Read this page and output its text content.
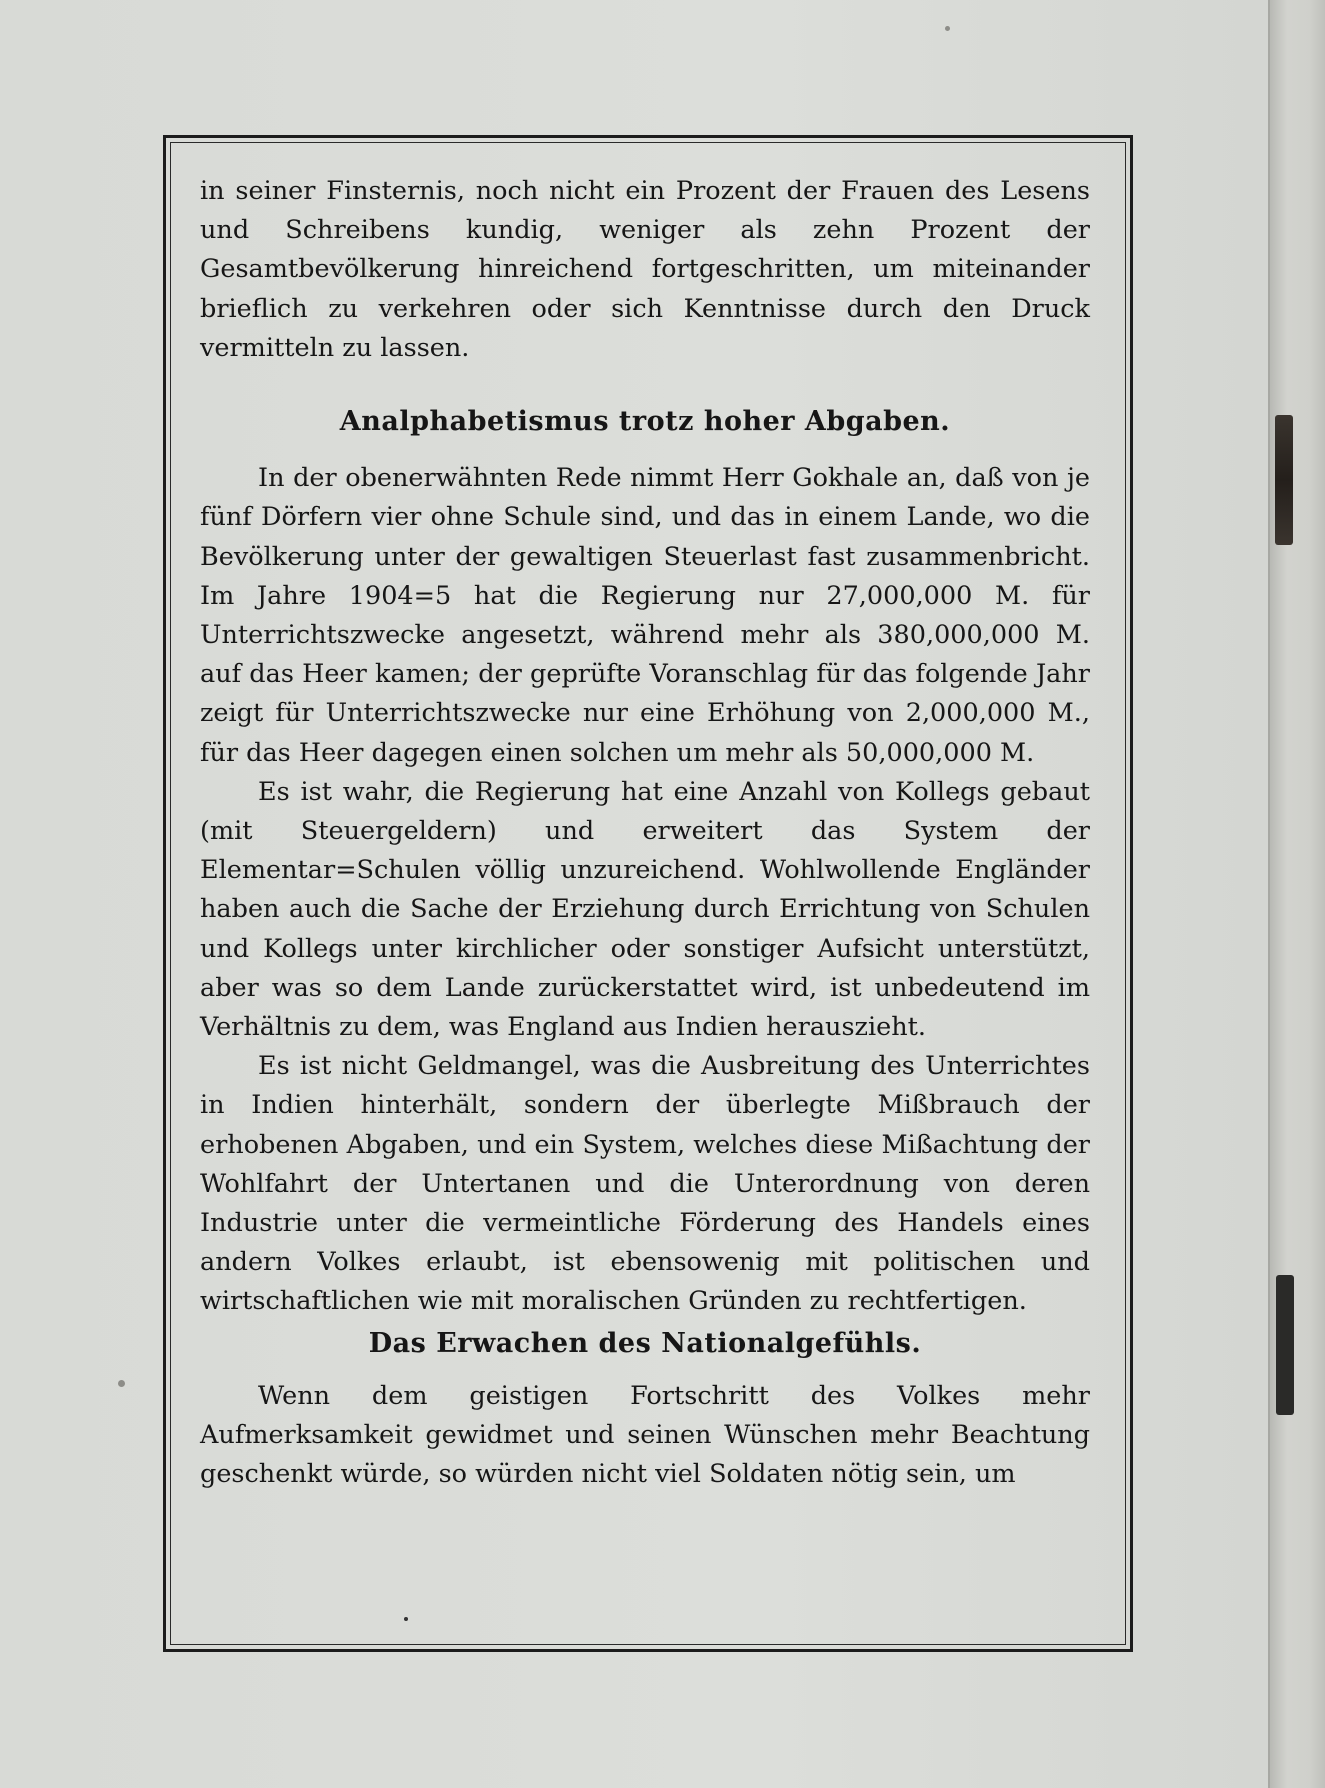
in seiner Finsternis, noch nicht ein Prozent der Frauen des Lesens und Schreibens kundig, weniger als zehn Prozent der Gesamtbevölkerung hinreichend fortgeschritten, um miteinander brieflich zu verkehren oder sich Kenntnisse durch den Druck vermitteln zu lassen.

Analphabetismus trotz hoher Abgaben.

In der obenerwähnten Rede nimmt Herr Gokhale an, daß von je fünf Dörfern vier ohne Schule sind, und das in einem Lande, wo die Bevölkerung unter der gewaltigen Steuerlast fast zusammenbricht. Im Jahre 1904=5 hat die Regierung nur 27,000,000 M. für Unterrichtszwecke angesetzt, während mehr als 380,000,000 M. auf das Heer kamen; der geprüfte Voranschlag für das folgende Jahr zeigt für Unterrichtszwecke nur eine Erhöhung von 2,000,000 M., für das Heer dagegen einen solchen um mehr als 50,000,000 M.

Es ist wahr, die Regierung hat eine Anzahl von Kollegs gebaut (mit Steuergeldern) und erweitert das System der Elementar=Schulen völlig unzureichend. Wohlwollende Engländer haben auch die Sache der Erziehung durch Errichtung von Schulen und Kollegs unter kirchlicher oder sonstiger Aufsicht unterstützt, aber was so dem Lande zurückerstattet wird, ist unbedeutend im Verhältnis zu dem, was England aus Indien herauszieht.

Es ist nicht Geldmangel, was die Ausbreitung des Unterrichtes in Indien hinterhält, sondern der überlegte Mißbrauch der erhobenen Abgaben, und ein System, welches diese Mißachtung der Wohlfahrt der Untertanen und die Unterordnung von deren Industrie unter die vermeintliche Förderung des Handels eines andern Volkes erlaubt, ist ebensowenig mit politischen und wirtschaftlichen wie mit moralischen Gründen zu rechtfertigen.

Das Erwachen des Nationalgefühls.

Wenn dem geistigen Fortschritt des Volkes mehr Aufmerksamkeit gewidmet und seinen Wünschen mehr Beachtung geschenkt würde, so würden nicht viel Soldaten nötig sein, um
